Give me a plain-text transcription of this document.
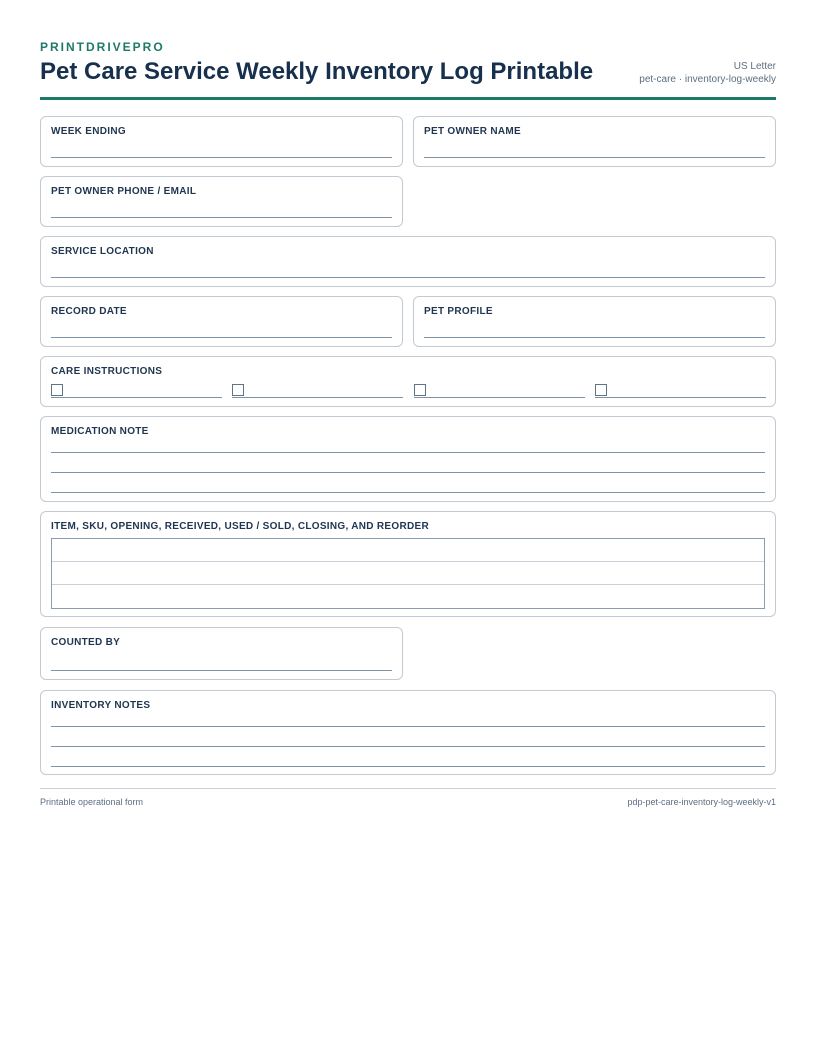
PRINTDRIVEPRO
Pet Care Service Weekly Inventory Log Printable	US Letter
pet-care · inventory-log-weekly
WEEK ENDING	PET OWNER NAME
PET OWNER PHONE / EMAIL
SERVICE LOCATION
RECORD DATE	PET PROFILE
CARE INSTRUCTIONS
MEDICATION NOTE
ITEM, SKU, OPENING, RECEIVED, USED / SOLD, CLOSING, AND REORDER
COUNTED BY
INVENTORY NOTES
Printable operational form	pdp-pet-care-inventory-log-weekly-v1
